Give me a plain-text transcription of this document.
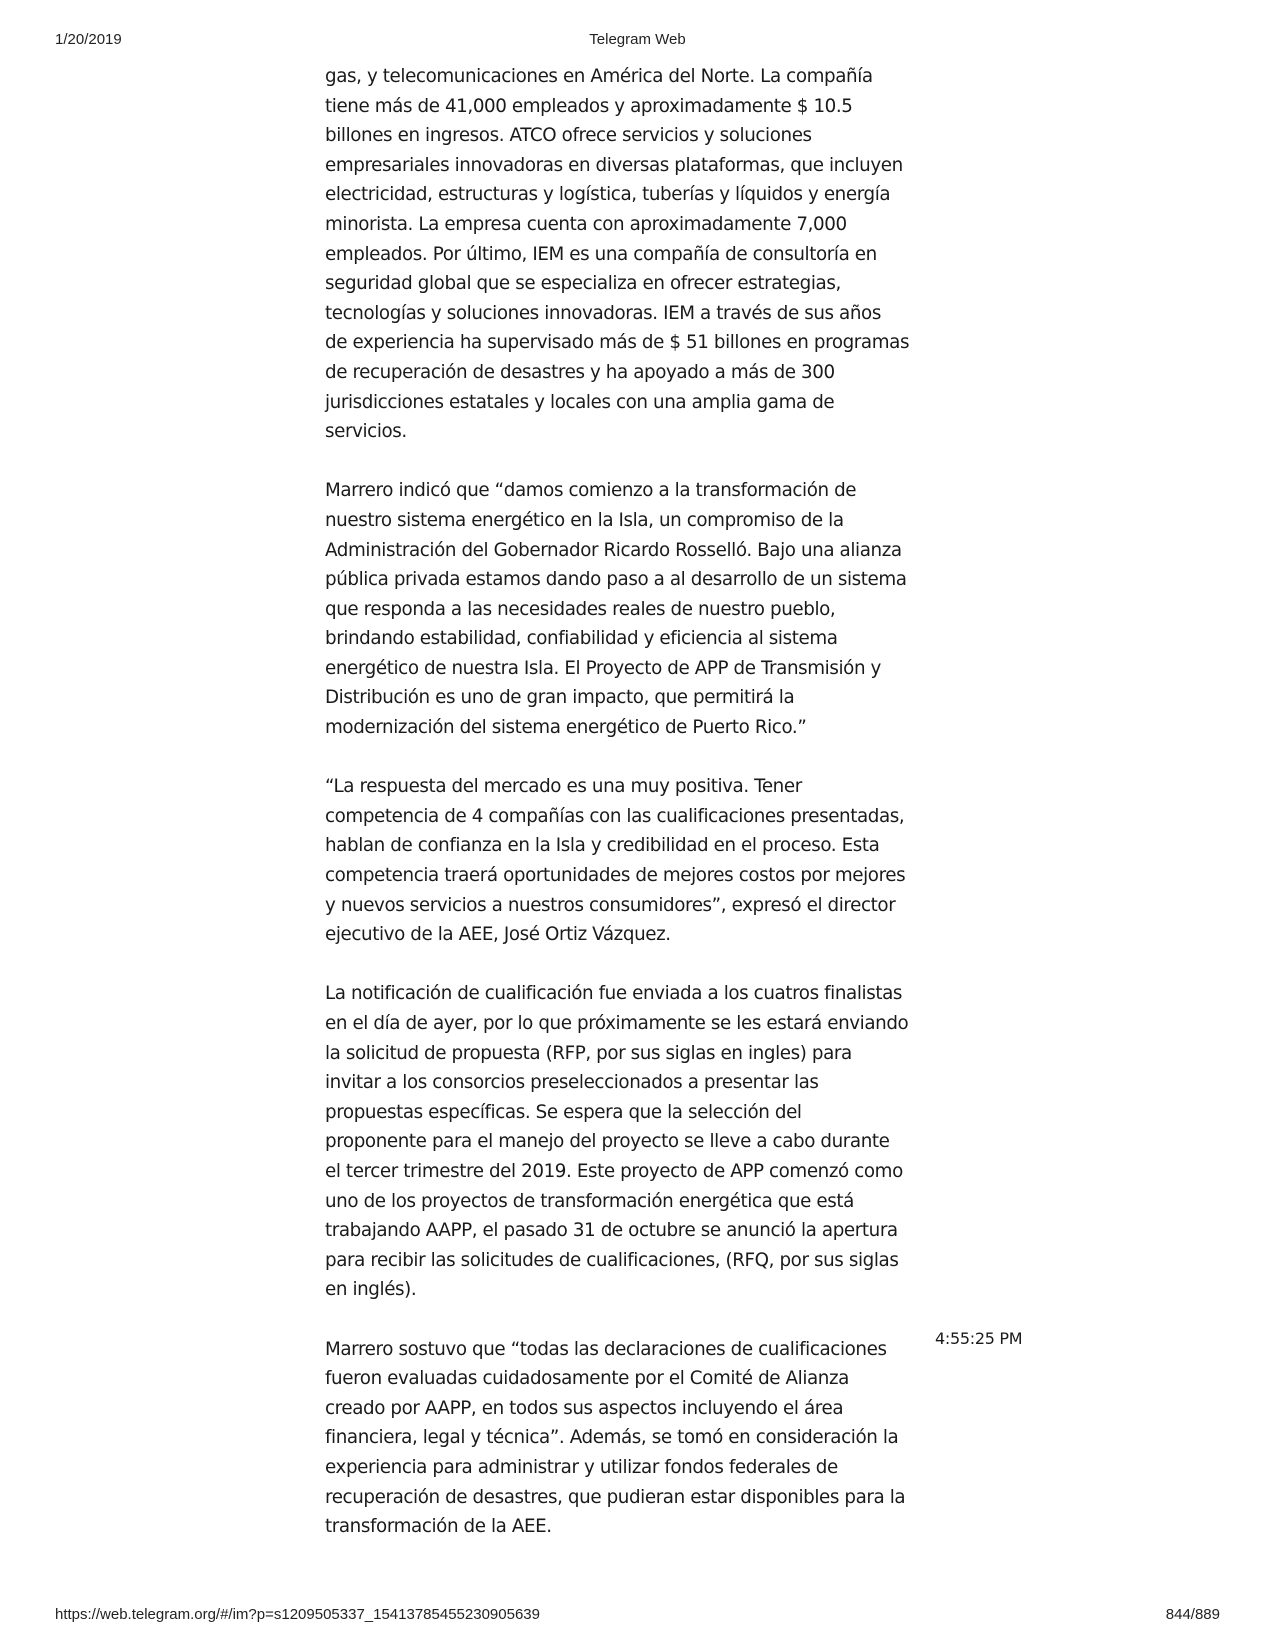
1/20/2019	Telegram Web

gas, y telecomunicaciones en América del Norte. La compañía
tiene más de 41,000 empleados y aproximadamente $ 10.5
billones en ingresos. ATCO ofrece servicios y soluciones
empresariales innovadoras en diversas plataformas, que incluyen
electricidad, estructuras y logística, tuberías y líquidos y energía
minorista. La empresa cuenta con aproximadamente 7,000
empleados. Por último, IEM es una compañía de consultoría en
seguridad global que se especializa en ofrecer estrategias,
tecnologías y soluciones innovadoras. IEM a través de sus años
de experiencia ha supervisado más de $ 51 billones en programas
de recuperación de desastres y ha apoyado a más de 300
jurisdicciones estatales y locales con una amplia gama de
servicios.

Marrero indicó que “damos comienzo a la transformación de
nuestro sistema energético en la Isla, un compromiso de la
Administración del Gobernador Ricardo Rosselló. Bajo una alianza
pública privada estamos dando paso a al desarrollo de un sistema
que responda a las necesidades reales de nuestro pueblo,
brindando estabilidad, confiabilidad y eficiencia al sistema
energético de nuestra Isla. El Proyecto de APP de Transmisión y
Distribución es uno de gran impacto, que permitirá la
modernización del sistema energético de Puerto Rico.”

“La respuesta del mercado es una muy positiva. Tener
competencia de 4 compañías con las cualificaciones presentadas,
hablan de confianza en la Isla y credibilidad en el proceso. Esta
competencia traerá oportunidades de mejores costos por mejores
y nuevos servicios a nuestros consumidores”, expresó el director
ejecutivo de la AEE, José Ortiz Vázquez.

La notificación de cualificación fue enviada a los cuatros finalistas
en el día de ayer, por lo que próximamente se les estará enviando
la solicitud de propuesta (RFP, por sus siglas en ingles) para
invitar a los consorcios preseleccionados a presentar las
propuestas específicas. Se espera que la selección del
proponente para el manejo del proyecto se lleve a cabo durante
el tercer trimestre del 2019. Este proyecto de APP comenzó como
uno de los proyectos de transformación energética que está
trabajando AAPP, el pasado 31 de octubre se anunció la apertura
para recibir las solicitudes de cualificaciones, (RFQ, por sus siglas
en inglés).

Marrero sostuvo que “todas las declaraciones de cualificaciones
fueron evaluadas cuidadosamente por el Comité de Alianza
creado por AAPP, en todos sus aspectos incluyendo el área
financiera, legal y técnica”. Además, se tomó en consideración la
experiencia para administrar y utilizar fondos federales de
recuperación de desastres, que pudieran estar disponibles para la
transformación de la AEE.

4:55:25 PM
https://web.telegram.org/#/im?p=s1209505337_15413785455230905639	844/889
